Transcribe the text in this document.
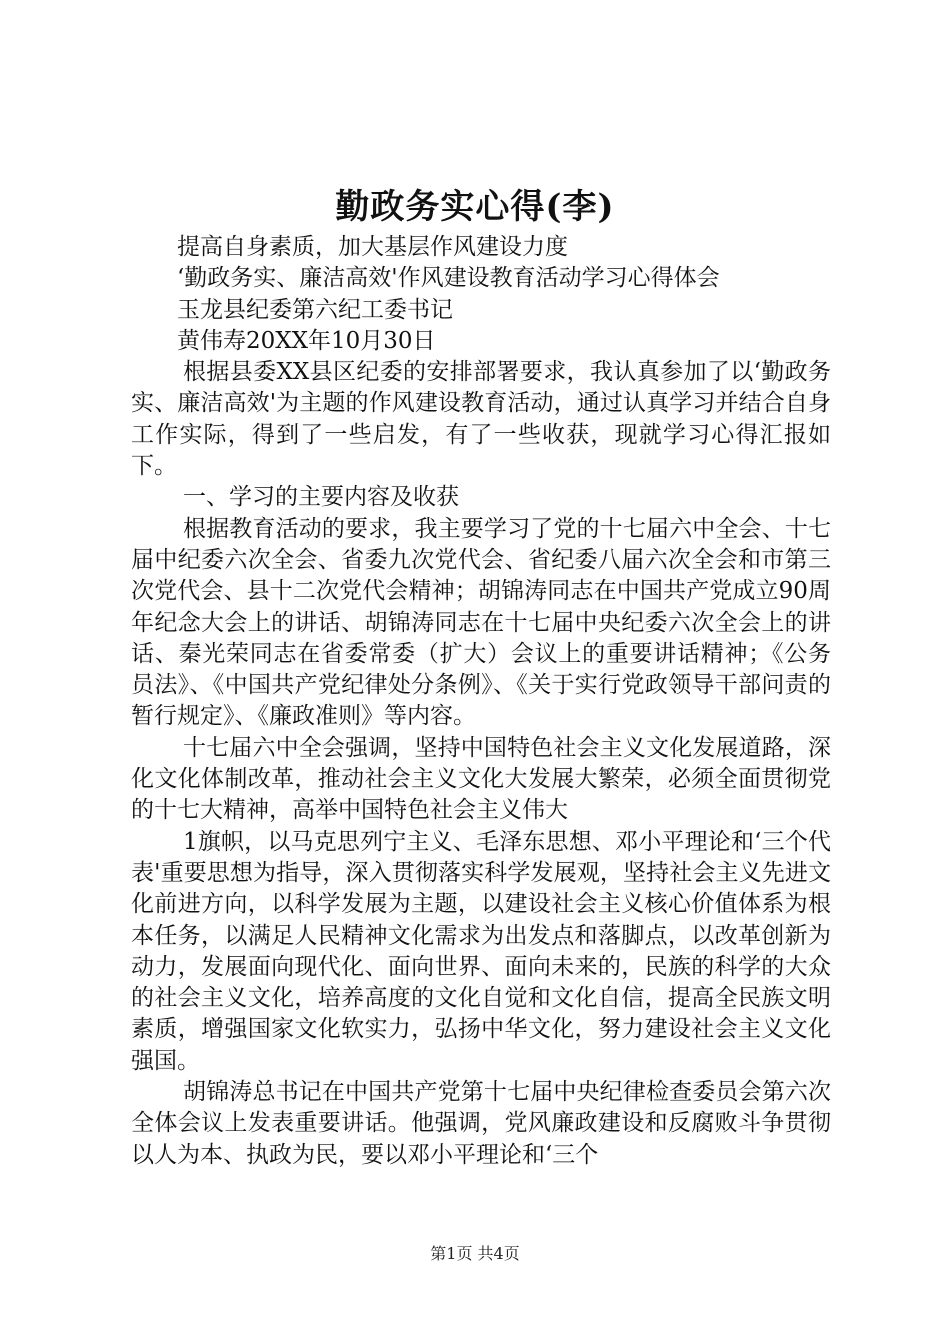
勤政务实心得(李)

提高自身素质，加大基层作风建设力度

‘勤政务实、廉洁高效'作风建设教育活动学习心得体会

玉龙县纪委第六纪工委书记

黄伟寿20XX年10月30日

根据县委XX县区纪委的安排部署要求，我认真参加了以‘勤政务实、廉洁高效'为主题的作风建设教育活动，通过认真学习并结合自身工作实际，得到了一些启发，有了一些收获，现就学习心得汇报如下。

一、学习的主要内容及收获

根据教育活动的要求，我主要学习了党的十七届六中全会、十七届中纪委六次全会、省委九次党代会、省纪委八届六次全会和市第三次党代会、县十二次党代会精神；胡锦涛同志在中国共产党成立90周年纪念大会上的讲话、胡锦涛同志在十七届中央纪委六次全会上的讲话、秦光荣同志在省委常委（扩大）会议上的重要讲话精神；《公务员法》、《中国共产党纪律处分条例》、《关于实行党政领导干部问责的暂行规定》、《廉政准则》等内容。

十七届六中全会强调，坚持中国特色社会主义文化发展道路，深化文化体制改革，推动社会主义文化大发展大繁荣，必须全面贯彻党的十七大精神，高举中国特色社会主义伟大

1旗帜，以马克思列宁主义、毛泽东思想、邓小平理论和‘三个代表'重要思想为指导，深入贯彻落实科学发展观，坚持社会主义先进文化前进方向，以科学发展为主题，以建设社会主义核心价值体系为根本任务，以满足人民精神文化需求为出发点和落脚点，以改革创新为动力，发展面向现代化、面向世界、面向未来的，民族的科学的大众的社会主义文化，培养高度的文化自觉和文化自信，提高全民族文明素质，增强国家文化软实力，弘扬中华文化，努力建设社会主义文化强国。

胡锦涛总书记在中国共产党第十七届中央纪律检查委员会第六次全体会议上发表重要讲话。他强调，党风廉政建设和反腐败斗争贯彻以人为本、执政为民，要以邓小平理论和‘三个

第1页 共4页
